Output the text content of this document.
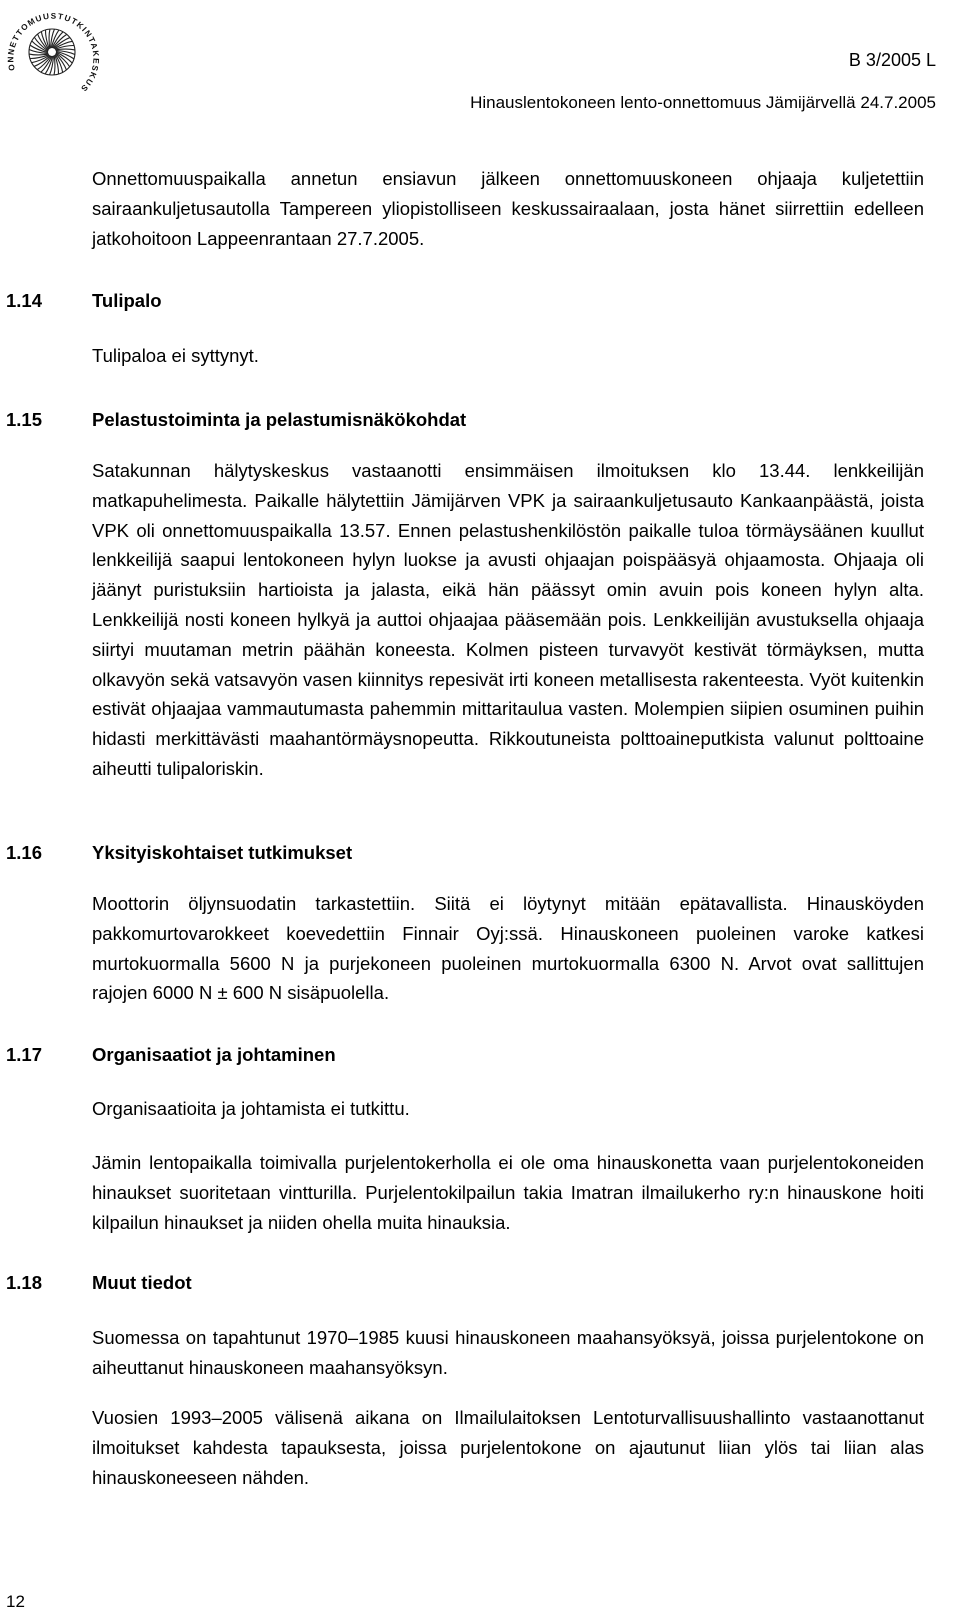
ONNETTOMUUSTUTKINTAKESKUS
B 3/2005 L
Hinauslentokoneen lento-onnettomuus Jämijärvellä 24.7.2005

Onnettomuuspaikalla annetun ensiavun jälkeen onnettomuuskoneen ohjaaja kuljetettiin sairaankuljetusautolla Tampereen yliopistolliseen keskussairaalaan, josta hänet siirrettiin edelleen jatkohoitoon Lappeenrantaan 27.7.2005.

1.14	Tulipalo

Tulipaloa ei syttynyt.

1.15	Pelastustoiminta ja pelastumisnäkökohdat

Satakunnan hälytyskeskus vastaanotti ensimmäisen ilmoituksen klo 13.44. lenkkeilijän matkapuhelimesta. Paikalle hälytettiin Jämijärven VPK ja sairaankuljetusauto Kankaanpäästä, joista VPK oli onnettomuuspaikalla 13.57. Ennen pelastushenkilöstön paikalle tuloa törmäysäänen kuullut lenkkeilijä saapui lentokoneen hylyn luokse ja avusti ohjaajan poispääsyä ohjaamosta. Ohjaaja oli jäänyt puristuksiin hartioista ja jalasta, eikä hän päässyt omin avuin pois koneen hylyn alta. Lenkkeilijä nosti koneen hylkyä ja auttoi ohjaajaa pääsemään pois. Lenkkeilijän avustuksella ohjaaja siirtyi muutaman metrin päähän koneesta. Kolmen pisteen turvavyöt kestivät törmäyksen, mutta olkavyön sekä vatsavyön vasen kiinnitys repesivät irti koneen metallisesta rakenteesta. Vyöt kuitenkin estivät ohjaajaa vammautumasta pahemmin mittaritaulua vasten. Molempien siipien osuminen puihin hidasti merkittävästi maahantörmäysnopeutta. Rikkoutuneista polttoaineputkista valunut polttoaine aiheutti tulipaloriskin.

1.16	Yksityiskohtaiset tutkimukset

Moottorin öljynsuodatin tarkastettiin. Siitä ei löytynyt mitään epätavallista. Hinausköyden pakkomurtovarokkeet koevedettiin Finnair Oyj:ssä. Hinauskoneen puoleinen varoke katkesi murtokuormalla 5600 N ja purjekoneen puoleinen murtokuormalla 6300 N. Arvot ovat sallittujen rajojen 6000 N ± 600 N sisäpuolella.

1.17	Organisaatiot ja johtaminen

Organisaatioita ja johtamista ei tutkittu.

Jämin lentopaikalla toimivalla purjelentokerholla ei ole oma hinauskonetta vaan purjelentokoneiden hinaukset suoritetaan vintturilla. Purjelentokilpailun takia Imatran ilmailukerho ry:n hinauskone hoiti kilpailun hinaukset ja niiden ohella muita hinauksia.

1.18	Muut tiedot

Suomessa on tapahtunut 1970–1985 kuusi hinauskoneen maahansyöksyä, joissa purjelentokone on aiheuttanut hinauskoneen maahansyöksyn.

Vuosien 1993–2005 välisenä aikana on Ilmailulaitoksen Lentoturvallisuushallinto vastaanottanut ilmoitukset kahdesta tapauksesta, joissa purjelentokone on ajautunut liian ylös tai liian alas hinauskoneeseen nähden.

12
